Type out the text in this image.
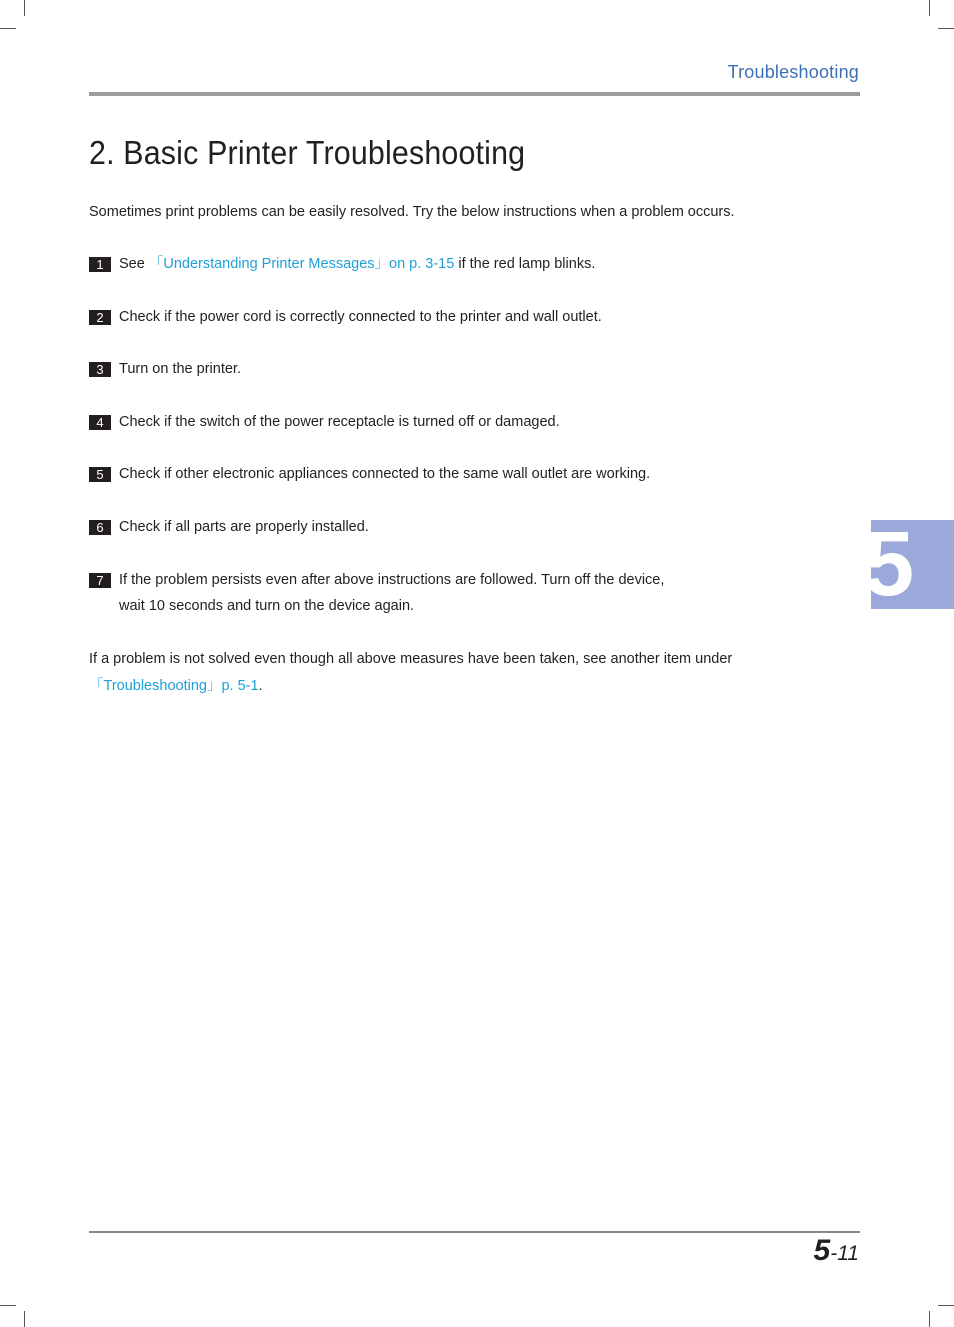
Troubleshooting
2. Basic Printer Troubleshooting

Sometimes print problems can be easily resolved. Try the below instructions when a problem occurs.

1	See 「Understanding Printer Messages」on p. 3-15 if the red lamp blinks.
2	Check if the power cord is correctly connected to the printer and wall outlet.
3	Turn on the printer.
4	Check if the switch of the power receptacle is turned off or damaged.
5	Check if other electronic appliances connected to the same wall outlet are working.
6	Check if all parts are properly installed.
7	If the problem persists even after above instructions are followed. Turn off the device,
wait 10 seconds and turn on the device again.

If a problem is not solved even though all above measures have been taken, see another item under
「Troubleshooting」p. 5-1.

5
5-11
